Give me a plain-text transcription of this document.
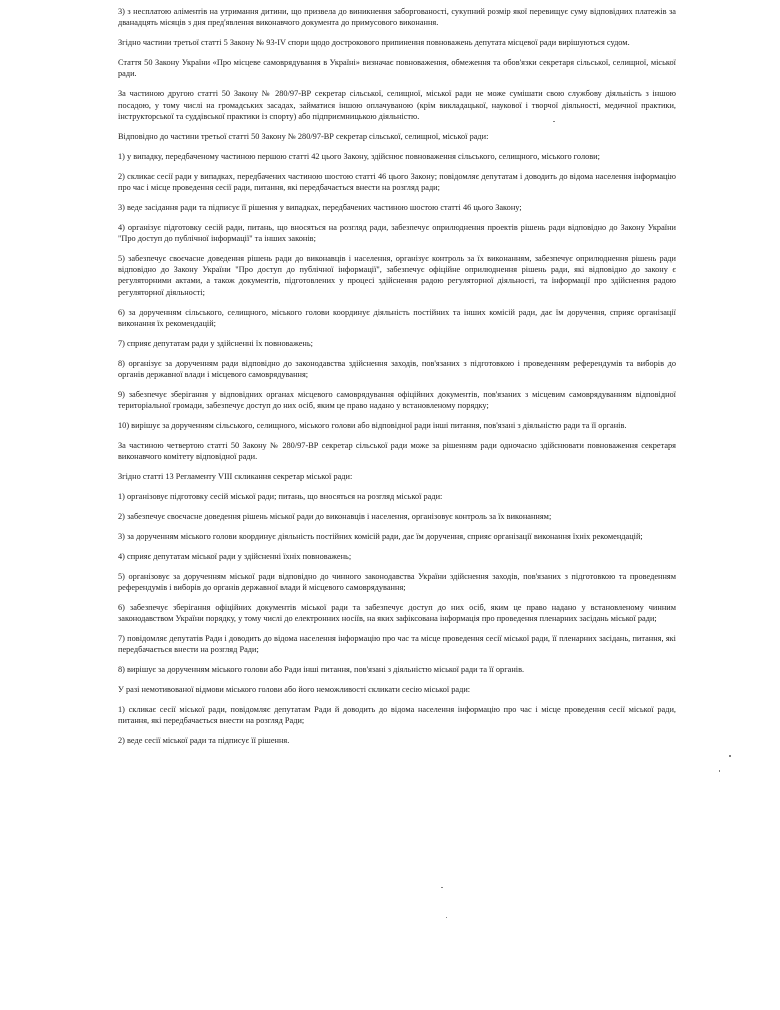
3) з несплатою аліментів на утримання дитини, що призвела до виникнення заборгованості, сукупний розмір якої перевищує суму відповідних платежів за дванадцять місяців з дня пред'явлення виконавчого документа до примусового виконання.

Згідно частини третьої статті 5 Закону № 93-IV спори щодо дострокового припинення повноважень депутата місцевої ради вирішуються судом.

Стаття 50 Закону України «Про місцеве самоврядування в Україні» визначає повноваження, обмеження та обов'язки секретаря сільської, селищної, міської ради.

За частиною другою статті 50 Закону № 280/97-ВР секретар сільської, селищної, міської ради не може сумішати свою службову діяльність з іншою посадою, у тому числі на громадських засадах, займатися іншою оплачуваною (крім викладацької, наукової і творчої діяльності, медичної практики, інструкторської та суддівської практики із спорту) або підприємницькою діяльністю.

Відповідно до частини третьої статті 50 Закону № 280/97-ВР секретар сільської, селищної, міської ради:

1) у випадку, передбаченому частиною першою статті 42 цього Закону, здійснює повноваження сільського, селищного, міського голови;

2) скликає сесії ради у випадках, передбачених частиною шостою статті 46 цього Закону; повідомляє депутатам і доводить до відома населення інформацію про час і місце проведення сесії ради, питання, які передбачається внести на розгляд ради;

3) веде засідання ради та підписує її рішення у випадках, передбачених частиною шостою статті 46 цього Закону;

4) організує підготовку сесій ради, питань, що вносяться на розгляд ради, забезпечує оприлюднення проектів рішень ради відповідно до Закону України "Про доступ до публічної інформації" та інших законів;

5) забезпечує своєчасне доведення рішень ради до виконавців і населення, організує контроль за їх виконанням, забезпечує оприлюднення рішень ради відповідно до Закону України "Про доступ до публічної інформації", забезпечує офіційне оприлюднення рішень ради, які відповідно до закону є регуляторними актами, а також документів, підготовлених у процесі здійснення радою регуляторної діяльності, та інформації про здійснення радою регуляторної діяльності;

6) за дорученням сільського, селищного, міського голови координує діяльність постійних та інших комісій ради, дає їм доручення, сприяє організації виконання їх рекомендацій;

7) сприяє депутатам ради у здійсненні їх повноважень;

8) організує за дорученням ради відповідно до законодавства здійснення заходів, пов'язаних з підготовкою і проведенням референдумів та виборів до органів державної влади і місцевого самоврядування;

9) забезпечує зберігання у відповідних органах місцевого самоврядування офіційних документів, пов'язаних з місцевим самоврядуванням відповідної територіальної громади, забезпечує доступ до них осіб, яким це право надано у встановленому порядку;

10) вирішує за дорученням сільського, селищного, міського голови або відповідної ради інші питання, пов'язані з діяльністю ради та її органів.

За частиною четвертою статті 50 Закону № 280/97-ВР секретар сільської ради може за рішенням ради одночасно здійснювати повноваження секретаря виконавчого комітету відповідної ради.

Згідно статті 13 Регламенту VIII скликання секретар міської ради:

1) організовує підготовку сесій міської ради; питань, що вносяться на розгляд міської ради:

2) забезпечує своєчасне доведення рішень міської ради до виконавців і населення, організовує контроль за їх виконанням;

3) за дорученням міського голови координує діяльність постійних комісій ради, дає їм доручення, сприяє організації виконання їхніх рекомендацій;

4) сприяє депутатам міської ради у здійсненні їхніх повноважень;

5) організовує за дорученням міської ради відповідно до чинного законодавства України здійснення заходів, пов'язаних з підготовкою та проведенням референдумів і виборів до органів державної влади й місцевого самоврядування;

6) забезпечує зберігання офіційних документів міської ради та забезпечує доступ до них осіб, яким це право надано у встановленому чинним законодавством України порядку, у тому числі до електронних носіїв, на яких зафіксована інформація про проведення пленарних засідань міської ради;

7) повідомляє депутатів Ради і доводить до відома населення інформацію про час та місце проведення сесії міської ради, її пленарних засідань, питання, які передбачається внести на розгляд Ради;

8) вирішує за дорученням міського голови або Ради інші питання, пов'язані з діяльністю міської ради та її органів.

У разі немотивованої відмови міського голови або його неможливості скликати сесію міської ради:

1) скликає сесії міської ради, повідомляє депутатам Ради й доводить до відома населення інформацію про час і місце проведення сесії міської ради, питання, які передбачається внести на розгляд Ради;

2) веде сесії міської ради та підписує її рішення.
